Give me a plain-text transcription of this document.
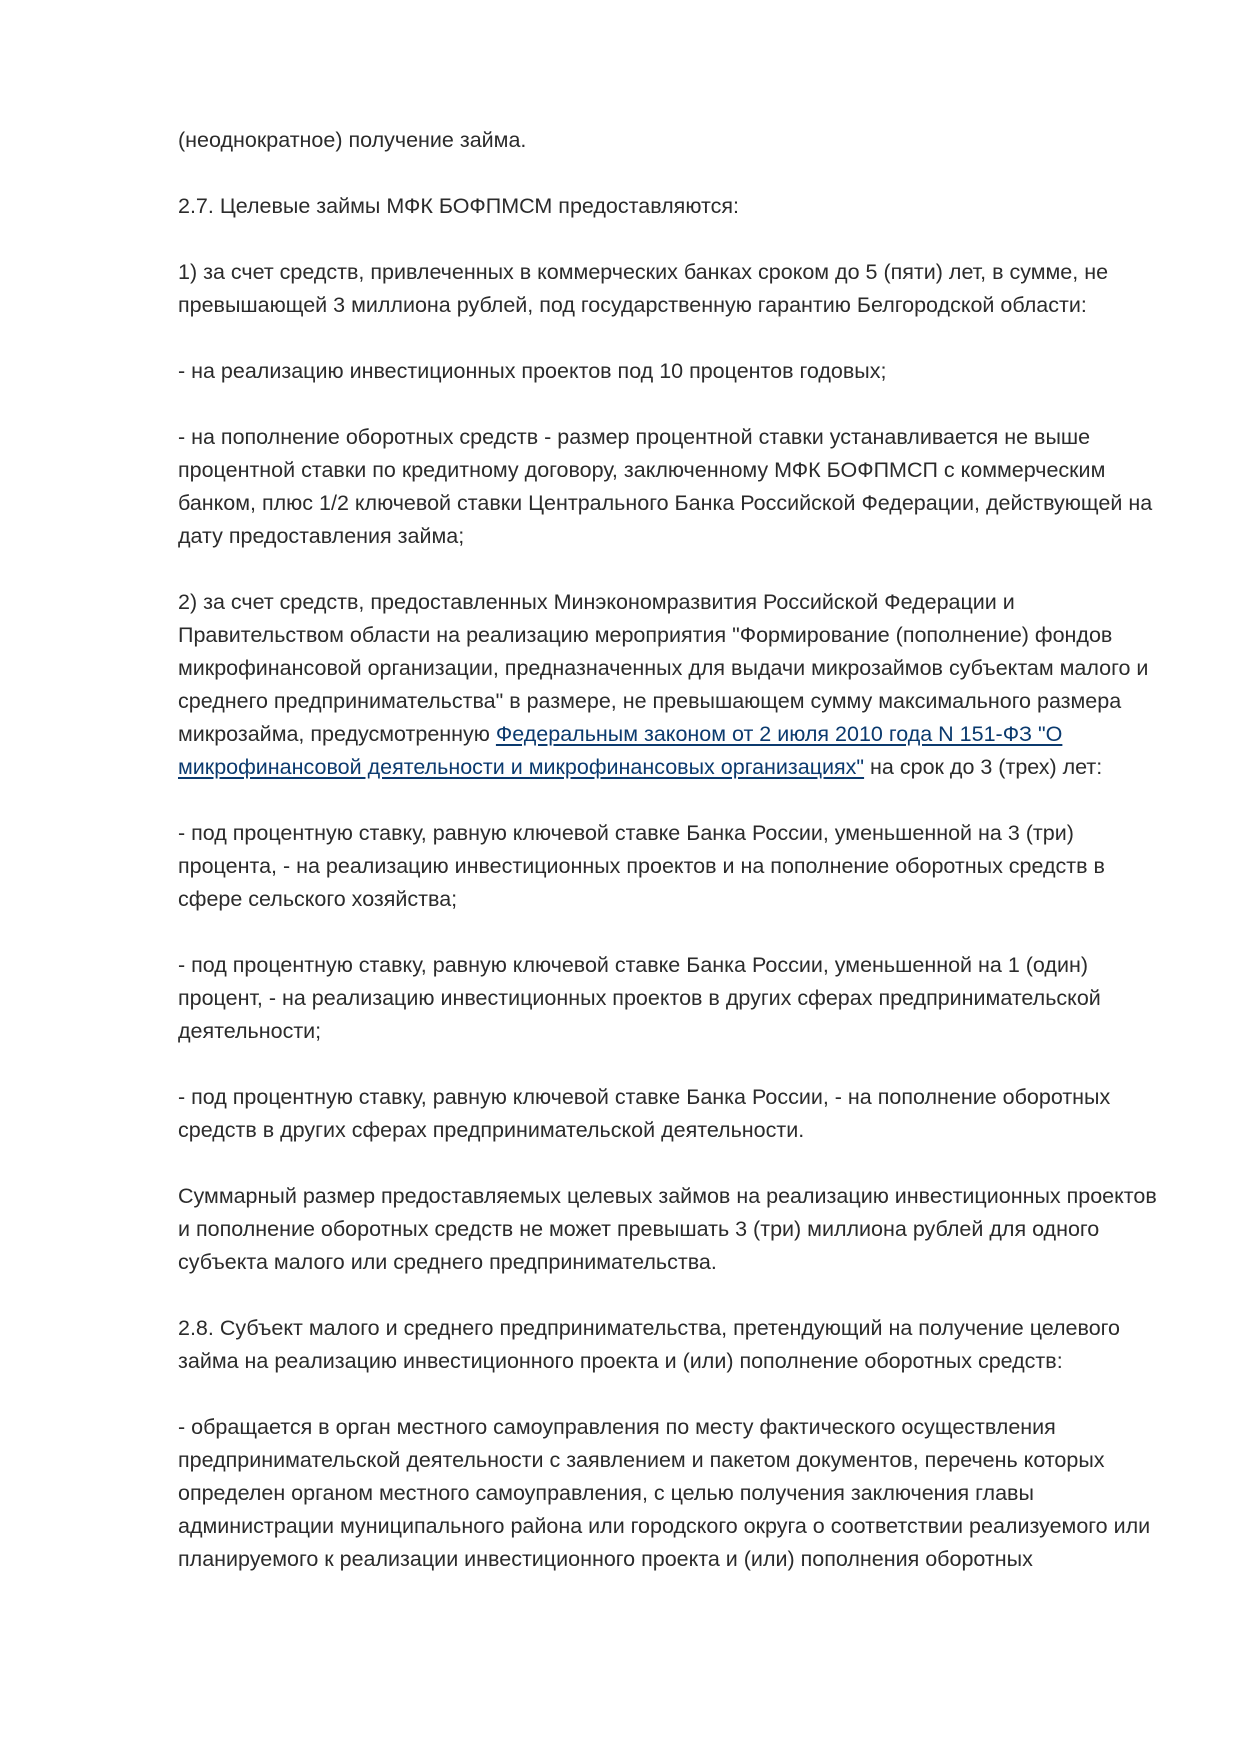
(неоднократное) получение займа.

2.7. Целевые займы МФК БОФПМСМ предоставляются:

1) за счет средств, привлеченных в коммерческих банках сроком до 5 (пяти) лет, в сумме, не превышающей 3 миллиона рублей, под государственную гарантию Белгородской области:

- на реализацию инвестиционных проектов под 10 процентов годовых;

- на пополнение оборотных средств - размер процентной ставки устанавливается не выше процентной ставки по кредитному договору, заключенному МФК БОФПМСП с коммерческим банком, плюс 1/2 ключевой ставки Центрального Банка Российской Федерации, действующей на дату предоставления займа;

2) за счет средств, предоставленных Минэкономразвития Российской Федерации и Правительством области на реализацию мероприятия "Формирование (пополнение) фондов микрофинансовой организации, предназначенных для выдачи микрозаймов субъектам малого и среднего предпринимательства" в размере, не превышающем сумму максимального размера микрозайма, предусмотренную Федеральным законом от 2 июля 2010 года N 151-ФЗ "О микрофинансовой деятельности и микрофинансовых организациях" на срок до 3 (трех) лет:

- под процентную ставку, равную ключевой ставке Банка России, уменьшенной на 3 (три) процента, - на реализацию инвестиционных проектов и на пополнение оборотных средств в сфере сельского хозяйства;

- под процентную ставку, равную ключевой ставке Банка России, уменьшенной на 1 (один) процент, - на реализацию инвестиционных проектов в других сферах предпринимательской деятельности;

- под процентную ставку, равную ключевой ставке Банка России, - на пополнение оборотных средств в других сферах предпринимательской деятельности.

Суммарный размер предоставляемых целевых займов на реализацию инвестиционных проектов и пополнение оборотных средств не может превышать 3 (три) миллиона рублей для одного субъекта малого или среднего предпринимательства.

2.8. Субъект малого и среднего предпринимательства, претендующий на получение целевого займа на реализацию инвестиционного проекта и (или) пополнение оборотных средств:

- обращается в орган местного самоуправления по месту фактического осуществления предпринимательской деятельности с заявлением и пакетом документов, перечень которых определен органом местного самоуправления, с целью получения заключения главы администрации муниципального района или городского округа о соответствии реализуемого или планируемого к реализации инвестиционного проекта и (или) пополнения оборотных
